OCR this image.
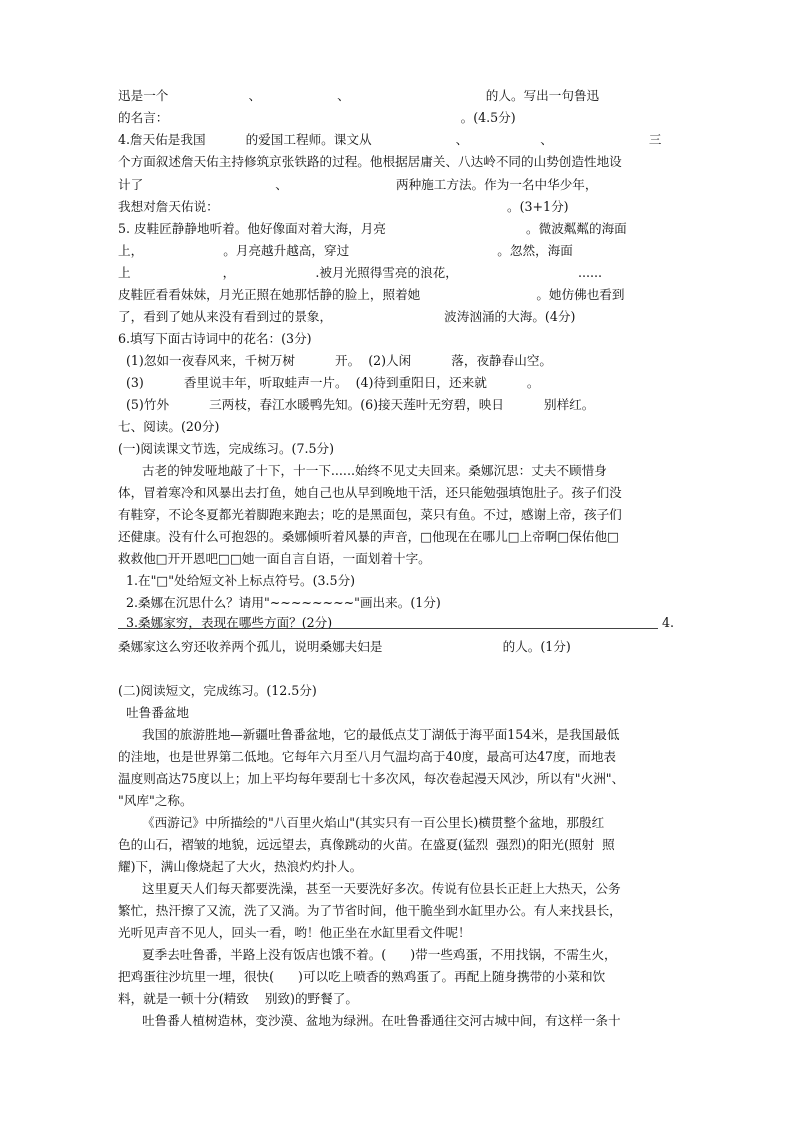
迅是一个                    、                   、                                  的人。写出一句鲁迅
的名言：                                                                         。(4.5分)
4.詹天佑是我国          的爱国工程师。课文从                     、                  、                        三
个方面叙述詹天佑主持修筑京张铁路的过程。他根据居庸关、八达岭不同的山势创造性地设
计了                                 、                           两种施工方法。作为一名中华少年，
我想对詹天佑说：                                                                        。(3+1分)
5. 皮鞋匠静静地听着。他好像面对着大海，月亮                                   。微波粼粼的海面
上，                    。月亮越升越高，穿过                                     。忽然，海面
上                       ，                    .被月光照得雪亮的浪花，                              ......
皮鞋匠看看妹妹，月光正照在她那恬静的脸上，照着她                             。她仿佛也看到
了，看到了她从来没有看到过的景象，                            波涛汹涌的大海。(4分)
6.填写下面古诗词中的花名：(3分)
(1)忽如一夜春风来，千树万树          开。  (2)人闲          落，夜静春山空。
(3)          香里说丰年，听取蛙声一片。  (4)待到重阳日，还来就          。
(5)竹外          三两枝，春江水暖鸭先知。(6)接天莲叶无穷碧，映日          别样红。
七、阅读。(20分)
(一)阅读课文节选，完成练习。(7.5分)
古老的钟发哑地敲了十下，十一下......始终不见丈夫回来。桑娜沉思：丈夫不顾惜身
体，冒着寒冷和风暴出去打鱼，她自己也从早到晚地干活，还只能勉强填饱肚子。孩子们没
有鞋穿，不论冬夏都光着脚跑来跑去；吃的是黑面包，菜只有鱼。不过，感谢上帝，孩子们
还健康。没有什么可抱怨的。桑娜倾听着风暴的声音，□他现在在哪儿□上帝啊□保佑他□
救救他□开开恩吧□□她一面自言自语，一面划着十字。
1.在"□"处给短文补上标点符号。(3.5分)
2.桑娜在沉思什么？请用"~~~~~~~~"画出来。(1分)
3.桑娜家穷，表现在哪些方面？(2分)	4.
桑娜家这么穷还收养两个孤儿，说明桑娜夫妇是                              的人。(1分)
(二)阅读短文，完成练习。(12.5分)
吐鲁番盆地
我国的旅游胜地—新疆吐鲁番盆地，它的最低点艾丁湖低于海平面154米，是我国最低
的洼地，也是世界第二低地。它每年六月至八月气温均高于40度，最高可达47度，而地表
温度则高达75度以上；加上平均每年要刮七十多次风，每次卷起漫天风沙，所以有"火洲"、
"风库"之称。
《西游记》中所描绘的"八百里火焰山"(其实只有一百公里长)横贯整个盆地，那殷红
色的山石，褶皱的地貌，远远望去，真像跳动的火苗。在盛夏(猛烈  强烈)的阳光(照射  照
耀)下，满山像烧起了大火，热浪灼灼扑人。
这里夏天人们每天都要洗澡，甚至一天要洗好多次。传说有位县长正赶上大热天，公务
繁忙，热汗擦了又流，洗了又淌。为了节省时间，他干脆坐到水缸里办公。有人来找县长，
光听见声音不见人，回头一看，哟！他正坐在水缸里看文件呢！
夏季去吐鲁番，半路上没有饭店也饿不着。(      )带一些鸡蛋，不用找锅，不需生火，
把鸡蛋往沙坑里一埋，很快(      )可以吃上喷香的熟鸡蛋了。再配上随身携带的小菜和饮
料，就是一顿十分(精致    别致)的野餐了。
吐鲁番人植树造林，变沙漠、盆地为绿洲。在吐鲁番通往交河古城中间，有这样一条十
